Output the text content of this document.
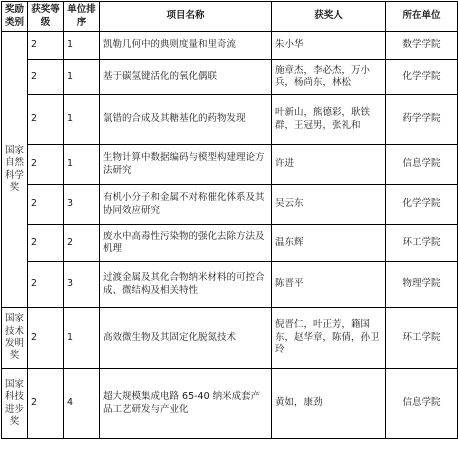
奖励类别	获奖等级	单位排序	项目名称	获奖人	所在单位
国家自然科学奖	2	1	凯勒几何中的典则度量和里奇流	朱小华	数学学院
	2	1	基于碳氢键活化的氧化偶联	施章杰，李必杰，万小兵，杨尚东，林松	化学学院
	2	1	氯错的合成及其糖基化的药物发现	叶新山，熊德彩，耿铁群，王冠男，张礼和	药学学院
	2	1	生物计算中数据编码与模型构建理论方法研究	许进	信息学院
	2	3	有机小分子和金属不对称催化体系及其协同效应研究	吴云东	化学学院
	2	2	废水中高毒性污染物的强化去除方法及机理	温东辉	环工学院
	2	3	过渡金属及其化合物纳米材料的可控合成、微结构及相关特性	陈晋平	物理学院
国家技术发明奖	2	1	高效微生物及其固定化脱氮技术	倪晋仁，叶正芳，籍国东，赵华章，陈倩，孙卫玲	环工学院
国家科技进步奖	2	4	超大规模集成电路 65-40 纳米成套产品工艺研发与产业化	黄如，康劲	信息学院
